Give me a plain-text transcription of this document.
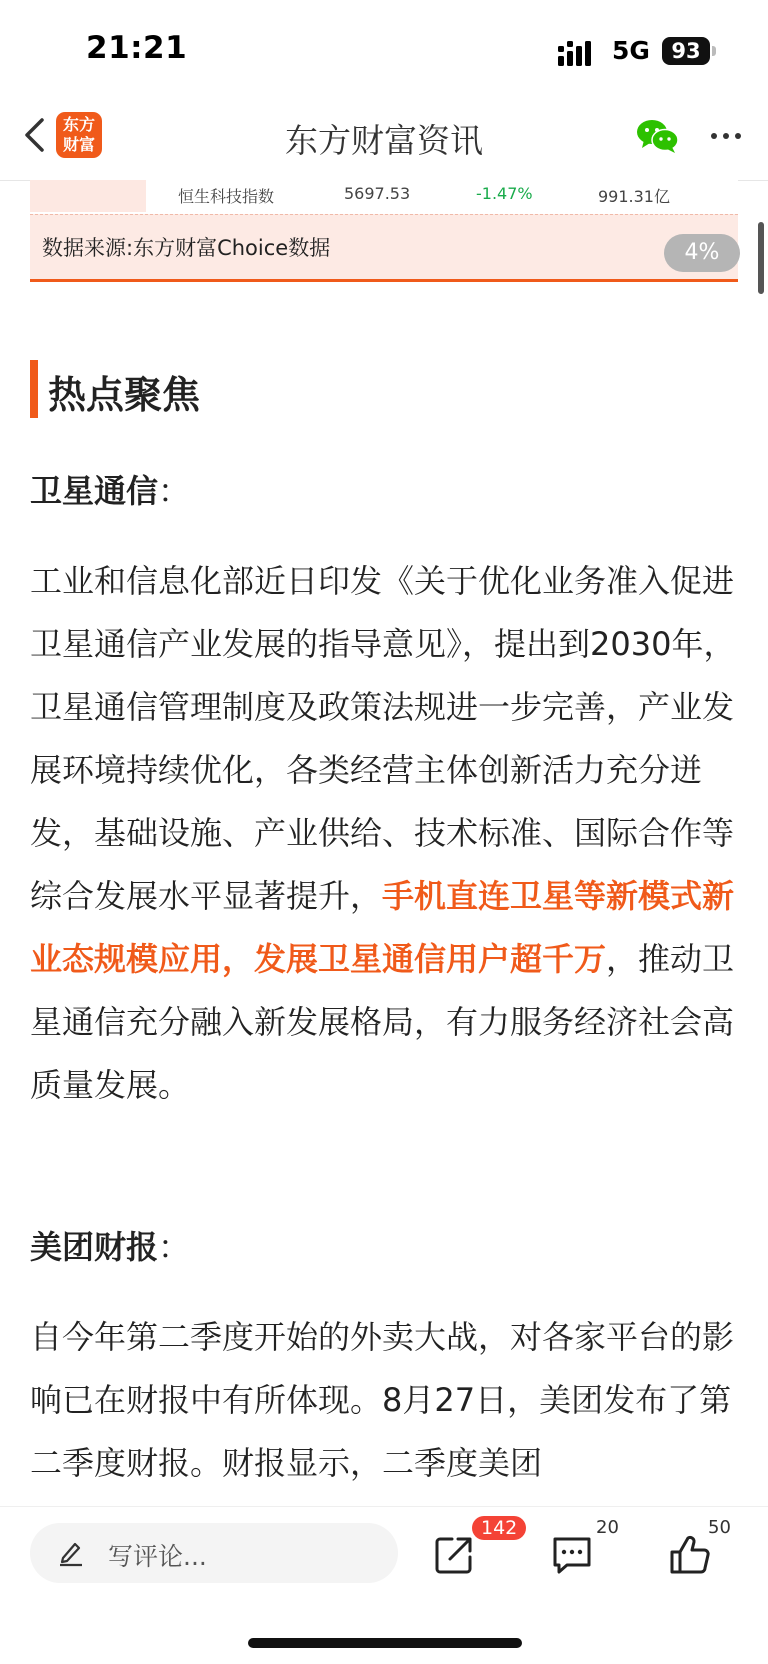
21:21	5G	93
东方
财富	东方财富资讯
恒生科技指数	5697.53	-1.47%	991.31亿
数据来源:东方财富Choice数据	4%
热点聚焦
卫星通信：
工业和信息化部近日印发《关于优化业务准入促进卫星通信产业发展的指导意见》，提出到2030年，卫星通信管理制度及政策法规进一步完善，产业发展环境持续优化，各类经营主体创新活力充分迸发，基础设施、产业供给、技术标准、国际合作等综合发展水平显著提升，手机直连卫星等新模式新业态规模应用，发展卫星通信用户超千万，推动卫星通信充分融入新发展格局，有力服务经济社会高质量发展。
美团财报：
自今年第二季度开始的外卖大战，对各家平台的影响已在财报中有所体现。8月27日，美团发布了第二季度财报。财报显示，二季度美团
写评论...
142	20	50
